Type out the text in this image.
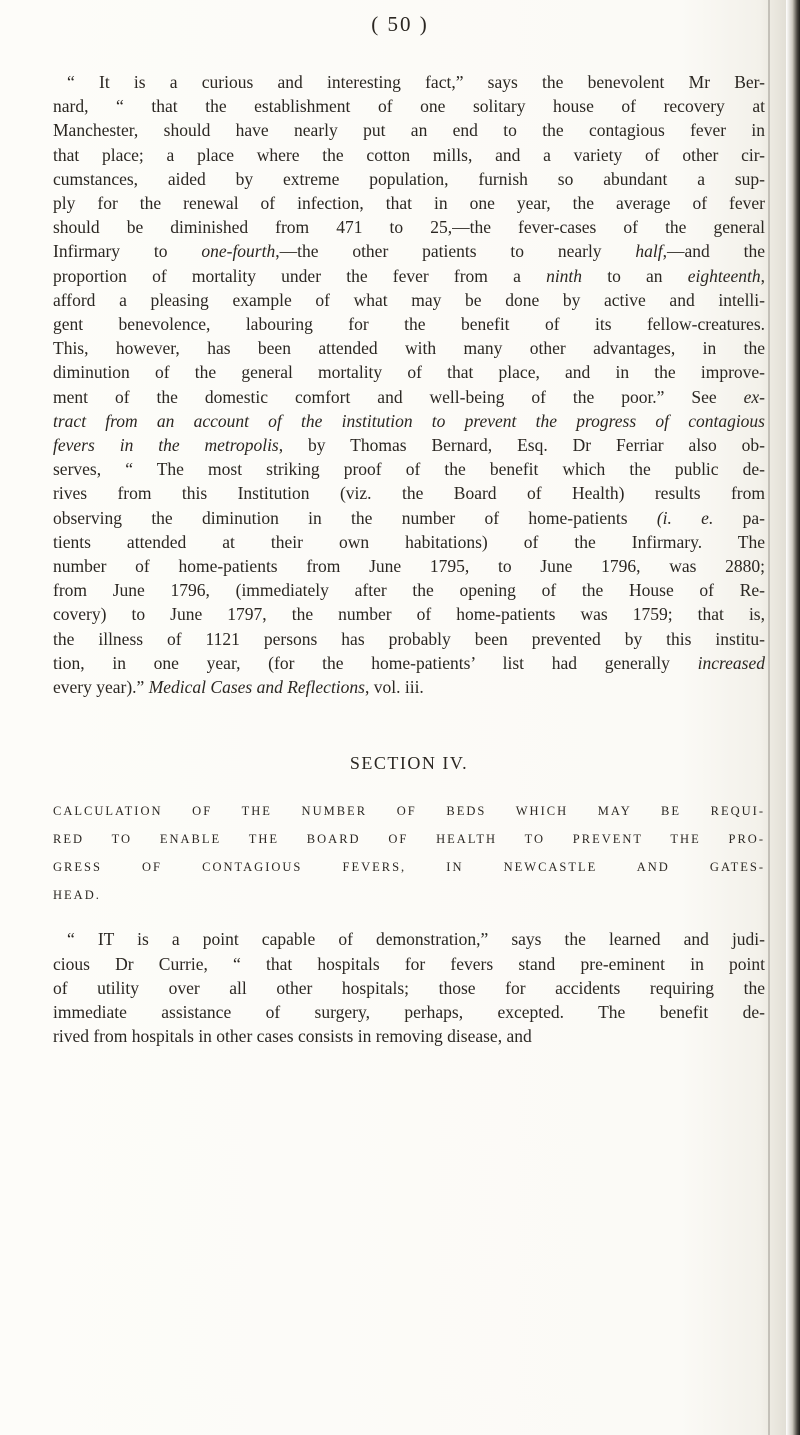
( 50 )
“ It is a curious and interesting fact,” says the benevolent Mr Ber-
nard, “ that the establishment of one solitary house of recovery at
Manchester, should have nearly put an end to the contagious fever in
that place; a place where the cotton mills, and a variety of other cir-
cumstances, aided by extreme population, furnish so abundant a sup-
ply for the renewal of infection, that in one year, the average of fever
should be diminished from 471 to 25,—the fever-cases of the general
Infirmary to one-fourth,—the other patients to nearly half,—and the
proportion of mortality under the fever from a ninth to an eighteenth,
afford a pleasing example of what may be done by active and intelli-
gent benevolence, labouring for the benefit of its fellow-creatures.
This, however, has been attended with many other advantages, in the
diminution of the general mortality of that place, and in the improve-
ment of the domestic comfort and well-being of the poor.” See ex-
tract from an account of the institution to prevent the progress of contagious
fevers in the metropolis, by Thomas Bernard, Esq. Dr Ferriar also ob-
serves, “ The most striking proof of the benefit which the public de-
rives from this Institution (viz. the Board of Health) results from
observing the diminution in the number of home-patients (i. e. pa-
tients attended at their own habitations) of the Infirmary. The
number of home-patients from June 1795, to June 1796, was 2880;
from June 1796, (immediately after the opening of the House of Re-
covery) to June 1797, the number of home-patients was 1759; that is,
the illness of 1121 persons has probably been prevented by this institu-
tion, in one year, (for the home-patients’ list had generally increased
every year).” Medical Cases and Reflections, vol. iii.
SECTION IV.
CALCULATION OF THE NUMBER OF BEDS WHICH MAY BE REQUI-
RED TO ENABLE THE BOARD OF HEALTH TO PREVENT THE PRO-
GRESS OF CONTAGIOUS FEVERS, IN NEWCASTLE AND GATES-
HEAD.
“ IT is a point capable of demonstration,” says the learned and judi-
cious Dr Currie, “ that hospitals for fevers stand pre-eminent in point
of utility over all other hospitals; those for accidents requiring the
immediate assistance of surgery, perhaps, excepted. The benefit de-
rived from hospitals in other cases consists in removing disease, and
